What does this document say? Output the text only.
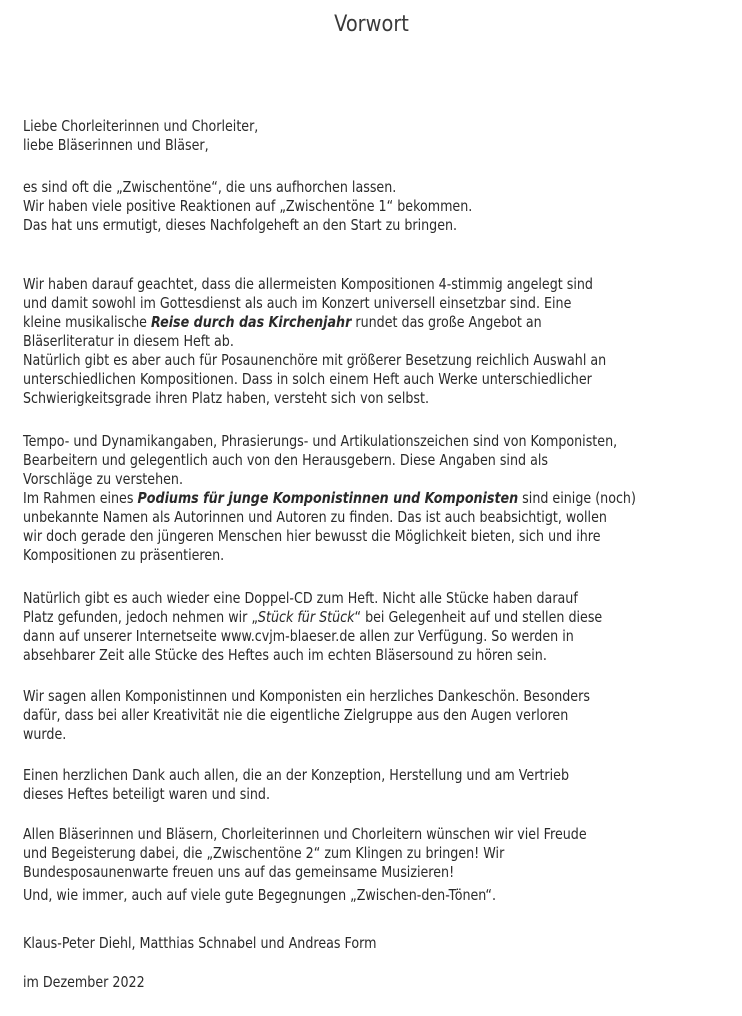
Vorwort
Liebe Chorleiterinnen und Chorleiter,
liebe Bläserinnen und Bläser,
es sind oft die „Zwischentöne“, die uns aufhorchen lassen.
Wir haben viele positive Reaktionen auf „Zwischentöne 1“ bekommen.
Das hat uns ermutigt, dieses Nachfolgeheft an den Start zu bringen.
Wir haben darauf geachtet, dass die allermeisten Kompositionen 4-stimmig angelegt sind
und damit sowohl im Gottesdienst als auch im Konzert universell einsetzbar sind. Eine
kleine musikalische Reise durch das Kirchenjahr rundet das große Angebot an
Bläserliteratur in diesem Heft ab.
Natürlich gibt es aber auch für Posaunenchöre mit größerer Besetzung reichlich Auswahl an
unterschiedlichen Kompositionen. Dass in solch einem Heft auch Werke unterschiedlicher
Schwierigkeitsgrade ihren Platz haben, versteht sich von selbst.
Tempo- und Dynamikangaben, Phrasierungs- und Artikulationszeichen sind von Komponisten,
Bearbeitern und gelegentlich auch von den Herausgebern. Diese Angaben sind als
Vorschläge zu verstehen.
Im Rahmen eines Podiums für junge Komponistinnen und Komponisten sind einige (noch)
unbekannte Namen als Autorinnen und Autoren zu finden. Das ist auch beabsichtigt, wollen
wir doch gerade den jüngeren Menschen hier bewusst die Möglichkeit bieten, sich und ihre
Kompositionen zu präsentieren.
Natürlich gibt es auch wieder eine Doppel-CD zum Heft. Nicht alle Stücke haben darauf
Platz gefunden, jedoch nehmen wir „Stück für Stück“ bei Gelegenheit auf und stellen diese
dann auf unserer Internetseite www.cvjm-blaeser.de allen zur Verfügung. So werden in
absehbarer Zeit alle Stücke des Heftes auch im echten Bläsersound zu hören sein.
Wir sagen allen Komponistinnen und Komponisten ein herzliches Dankeschön. Besonders
dafür, dass bei aller Kreativität nie die eigentliche Zielgruppe aus den Augen verloren
wurde.
Einen herzlichen Dank auch allen, die an der Konzeption, Herstellung und am Vertrieb
dieses Heftes beteiligt waren und sind.
Allen Bläserinnen und Bläsern, Chorleiterinnen und Chorleitern wünschen wir viel Freude
und Begeisterung dabei, die „Zwischentöne 2“ zum Klingen zu bringen! Wir
Bundesposaunenwarte freuen uns auf das gemeinsame Musizieren!
Und, wie immer, auch auf viele gute Begegnungen „Zwischen-den-Tönen“.
Klaus-Peter Diehl, Matthias Schnabel und Andreas Form
im Dezember 2022
